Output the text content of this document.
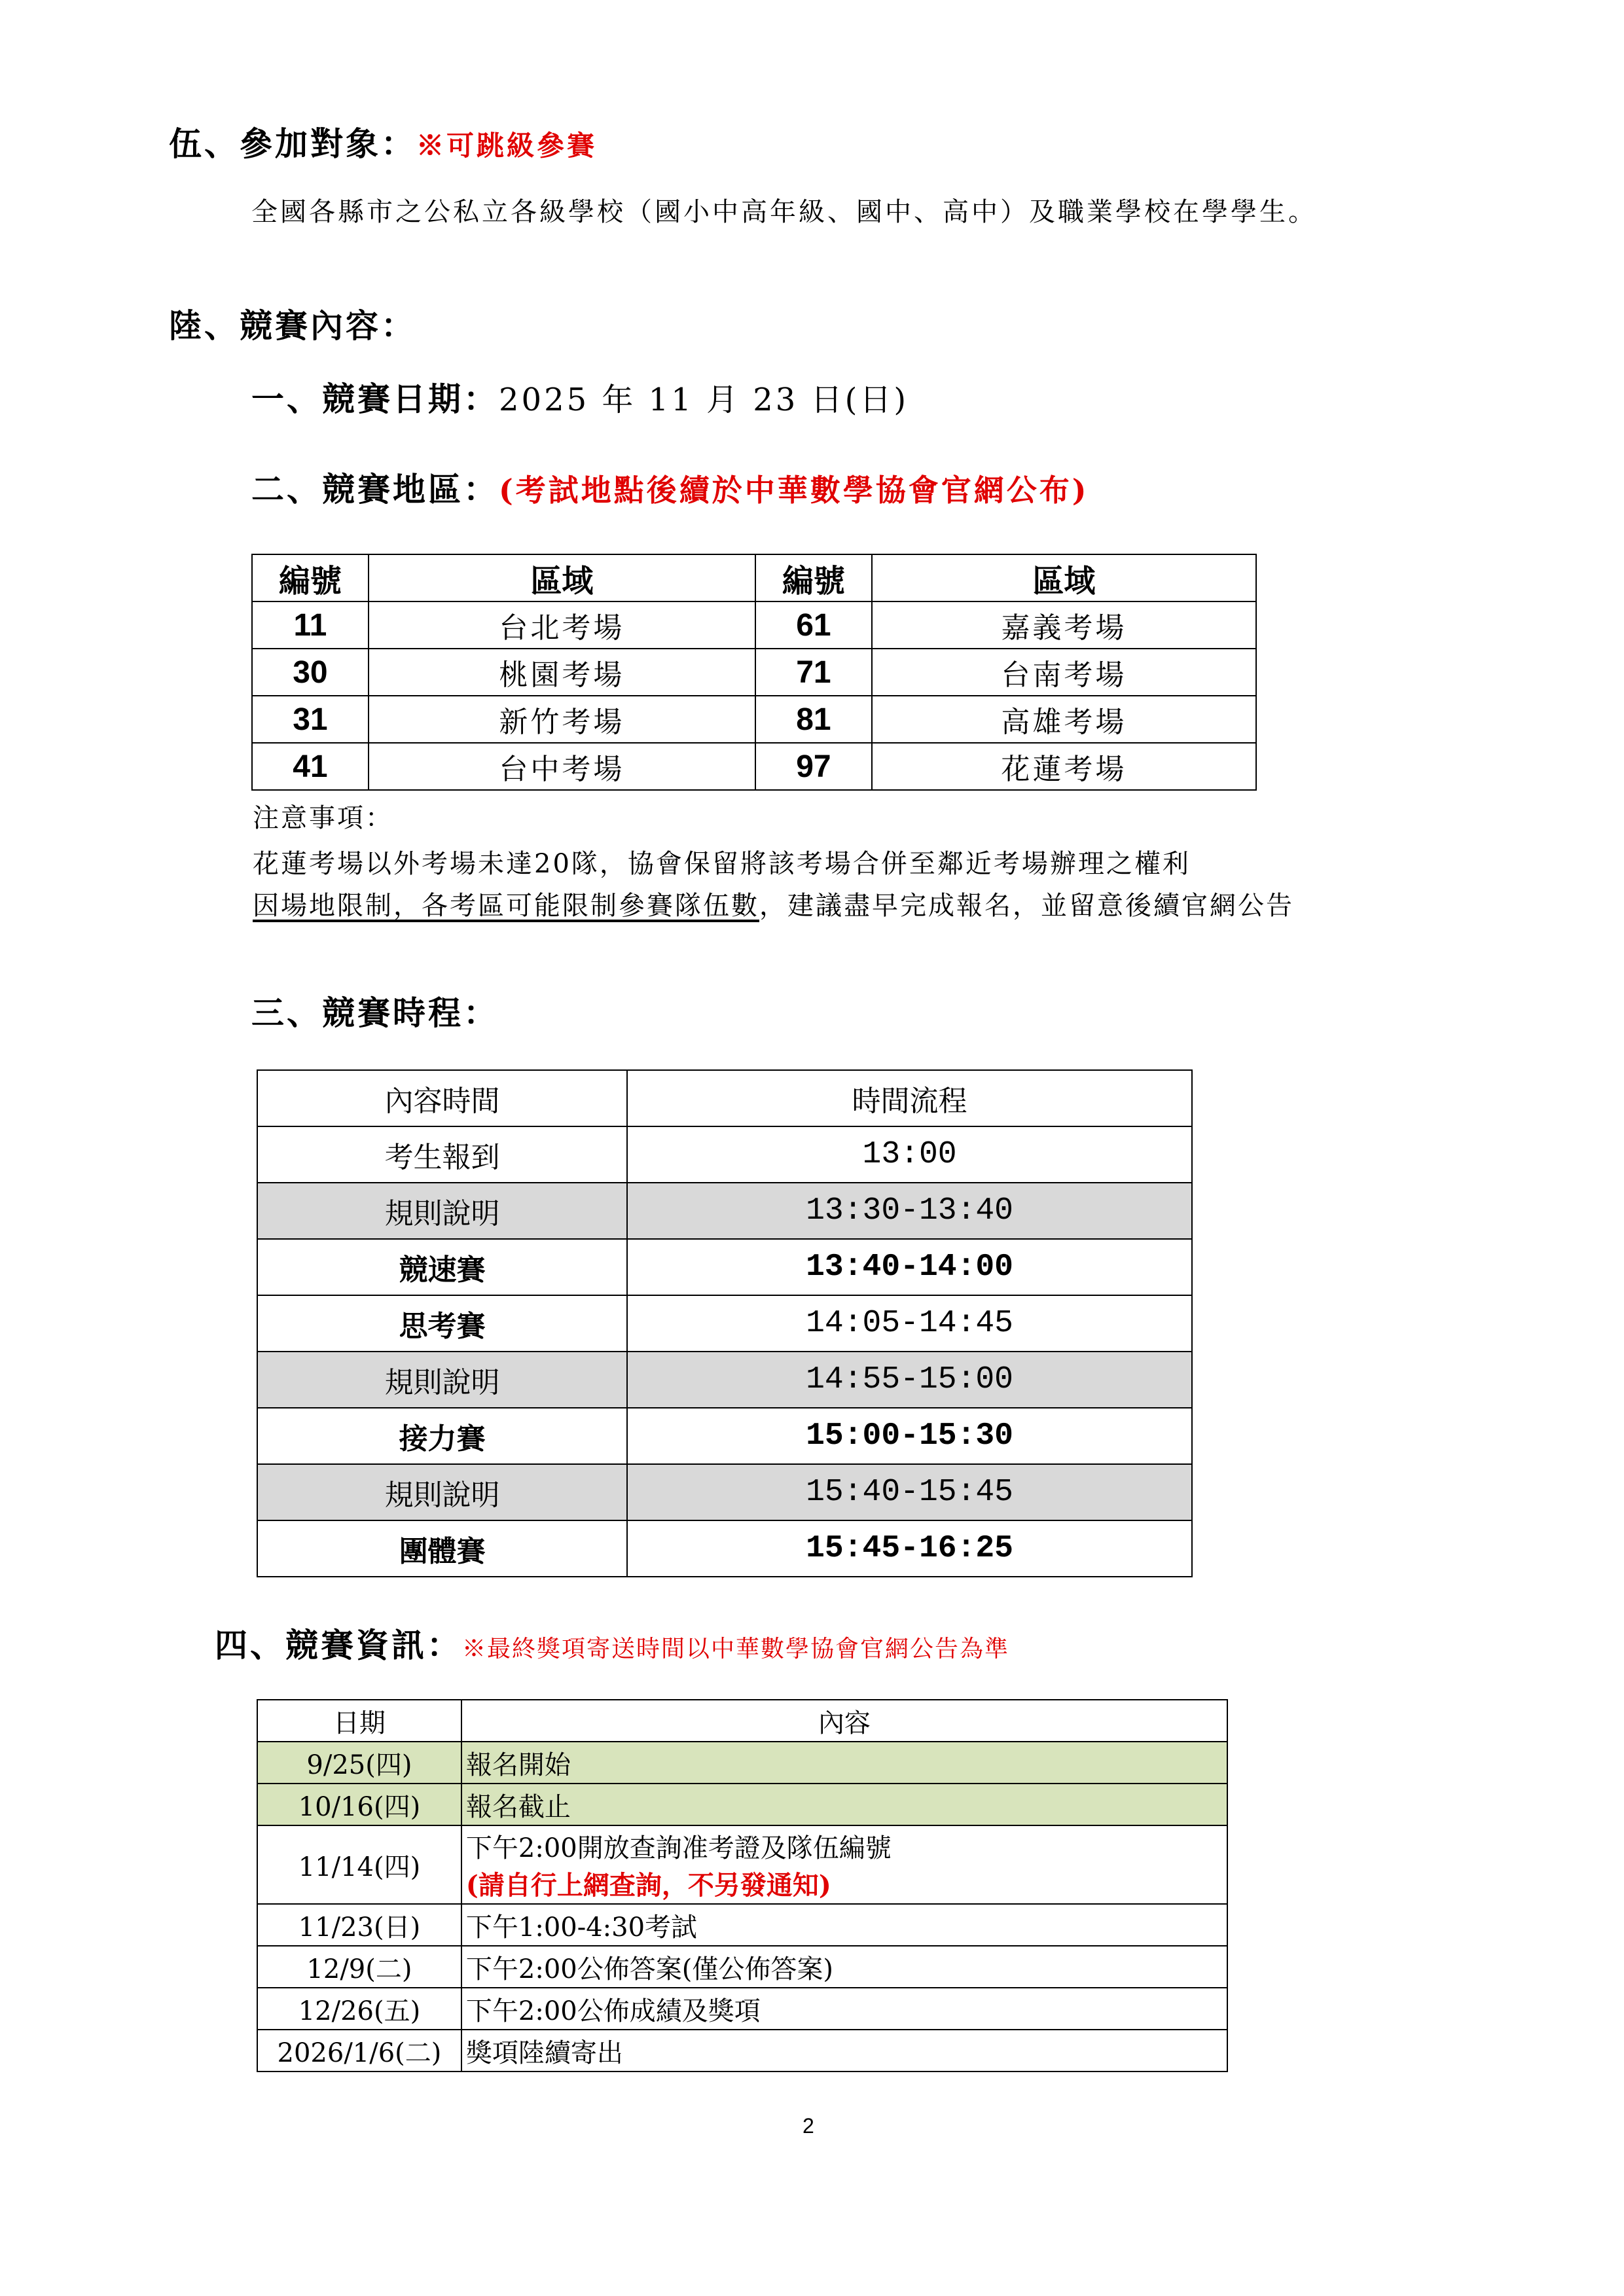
伍、參加對象：※可跳級參賽
全國各縣市之公私立各級學校（國小中高年級、國中、高中）及職業學校在學學生。
陸、競賽內容：
一、競賽日期：2025 年 11 月 23 日(日)
二、競賽地區：(考試地點後續於中華數學協會官網公布)
編號	區域	編號	區域
11	台北考場	61	嘉義考場
30	桃園考場	71	台南考場
31	新竹考場	81	高雄考場
41	台中考場	97	花蓮考場
注意事項：
花蓮考場以外考場未達20隊，協會保留將該考場合併至鄰近考場辦理之權利
因場地限制，各考區可能限制參賽隊伍數，建議盡早完成報名，並留意後續官網公告
三、競賽時程：
內容時間	時間流程
考生報到	13:00
規則說明	13:30-13:40
競速賽	13:40-14:00
思考賽	14:05-14:45
規則說明	14:55-15:00
接力賽	15:00-15:30
規則說明	15:40-15:45
團體賽	15:45-16:25
四、競賽資訊：※最終獎項寄送時間以中華數學協會官網公告為準
日期	內容
9/25(四)	報名開始
10/16(四)	報名截止
11/14(四)	下午2:00開放查詢准考證及隊伍編號
(請自行上網查詢，不另發通知)

11/23(日)	下午1:00-4:30考試
12/9(二)	下午2:00公佈答案(僅公佈答案)
12/26(五)	下午2:00公佈成績及獎項
2026/1/6(二)	獎項陸續寄出
2
